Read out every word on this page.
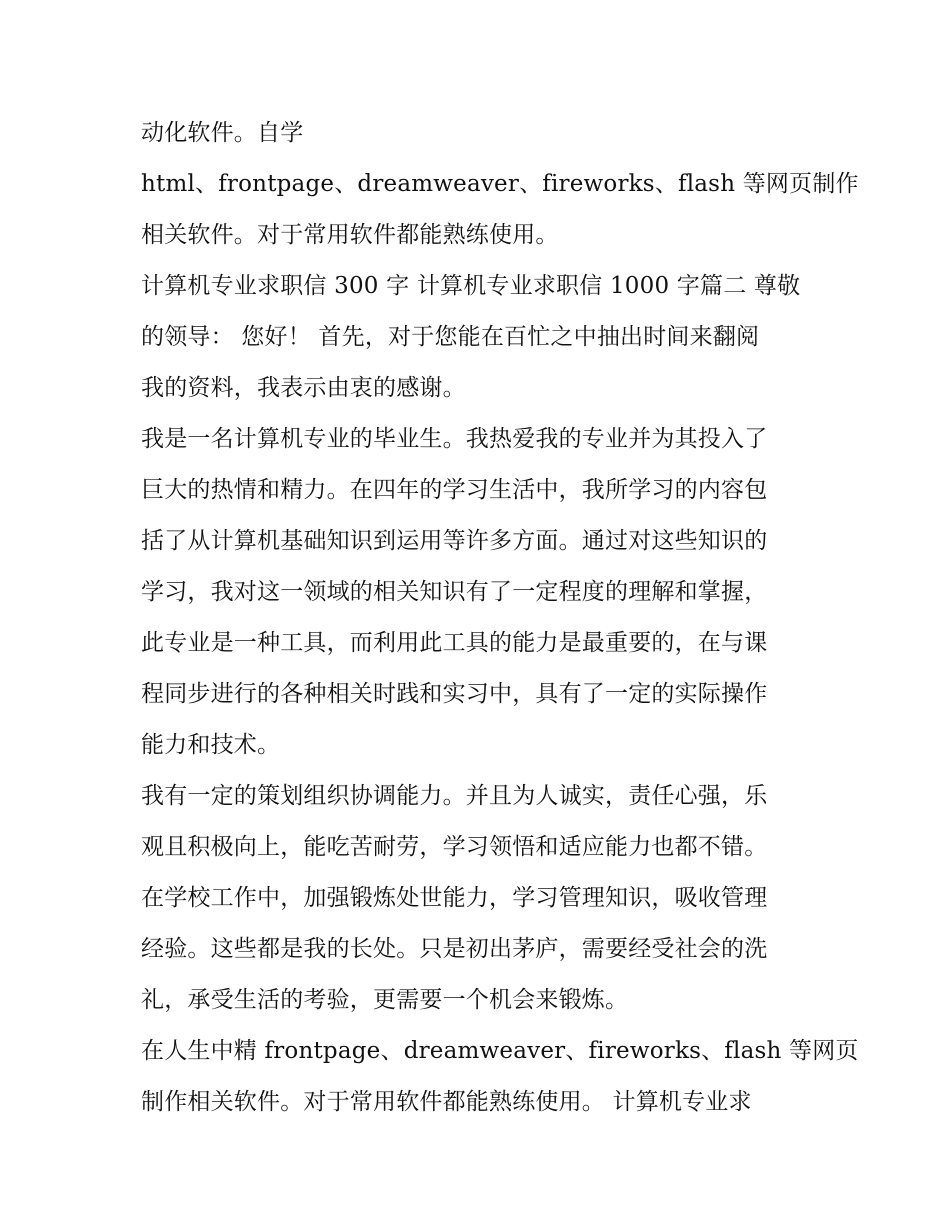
动化软件。自学
html、frontpage、dreamweaver、fireworks、flash 等网页制作
相关软件。对于常用软件都能熟练使用。
计算机专业求职信 300 字 计算机专业求职信 1000 字篇二 尊敬
的领导： 您好！ 首先，对于您能在百忙之中抽出时间来翻阅
我的资料，我表示由衷的感谢。
我是一名计算机专业的毕业生。我热爱我的专业并为其投入了
巨大的热情和精力。在四年的学习生活中，我所学习的内容包
括了从计算机基础知识到运用等许多方面。通过对这些知识的
学习，我对这一领域的相关知识有了一定程度的理解和掌握，
此专业是一种工具，而利用此工具的能力是最重要的，在与课
程同步进行的各种相关时践和实习中，具有了一定的实际操作
能力和技术。
我有一定的策划组织协调能力。并且为人诚实，责任心强，乐
观且积极向上，能吃苦耐劳，学习领悟和适应能力也都不错。
在学校工作中，加强锻炼处世能力，学习管理知识，吸收管理
经验。这些都是我的长处。只是初出茅庐，需要经受社会的洗
礼，承受生活的考验，更需要一个机会来锻炼。
在人生中精 frontpage、dreamweaver、fireworks、flash 等网页
制作相关软件。对于常用软件都能熟练使用。 计算机专业求
